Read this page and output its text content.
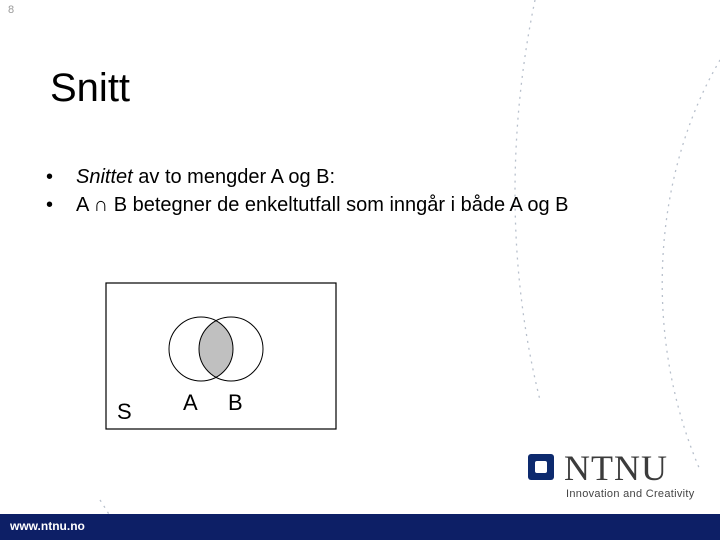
8
Snitt
• Snittet av to mengder A og B:
• A ∩ B betegner de enkeltutfall som inngår i både A og B
S A B
NTNU
Innovation and Creativity
www.ntnu.no
